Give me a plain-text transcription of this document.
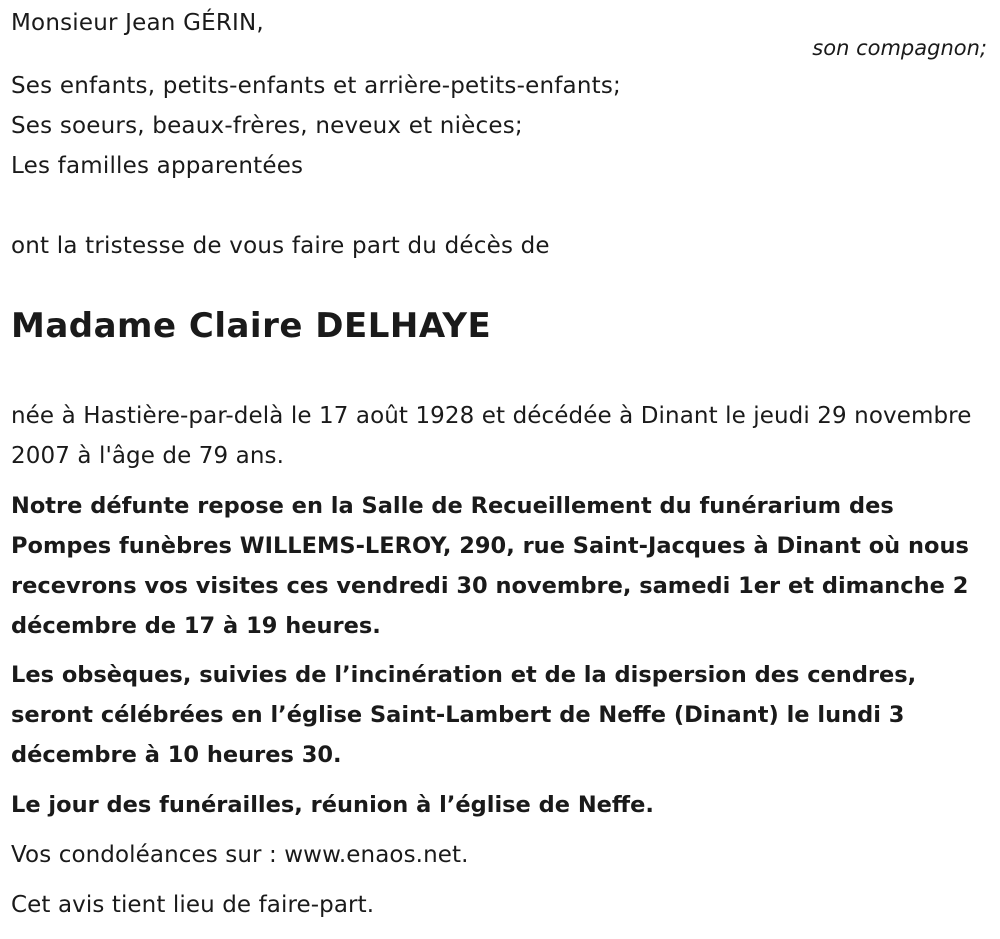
Monsieur Jean GÉRIN,
son compagnon;
Ses enfants, petits-enfants et arrière-petits-enfants;
Ses soeurs, beaux-frères, neveux et nièces;
Les familles apparentées
ont la tristesse de vous faire part du décès de
Madame Claire DELHAYE
née à Hastière-par-delà le 17 août 1928 et décédée à Dinant le jeudi 29 novembre 2007 à l'âge de 79 ans.
Notre défunte repose en la Salle de Recueillement du funérarium des Pompes funèbres WILLEMS-LEROY, 290, rue Saint-Jacques à Dinant où nous recevrons vos visites ces vendredi 30 novembre, samedi 1er et dimanche 2 décembre de 17 à 19 heures.
Les obsèques, suivies de l’incinération et de la dispersion des cendres, seront célébrées en l’église Saint-Lambert de Neffe (Dinant) le lundi 3 décembre à 10 heures 30.
Le jour des funérailles, réunion à l’église de Neffe.
Vos condoléances sur : www.enaos.net.
Cet avis tient lieu de faire-part.
